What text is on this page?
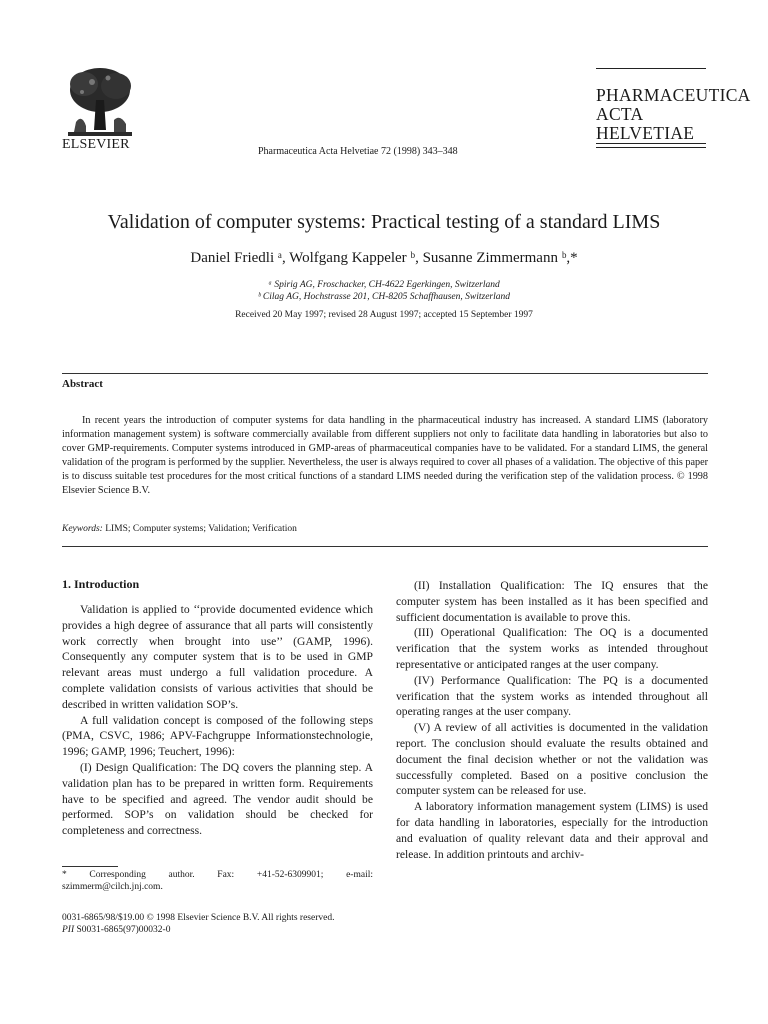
ELSEVIER	Pharmaceutica Acta Helvetiae 72 (1998) 343–348
PHARMACEUTICA
ACTA HELVETIAE
Validation of computer systems: Practical testing of a standard LIMS
Daniel Friedli ᵃ, Wolfgang Kappeler ᵇ, Susanne Zimmermann ᵇ,*
ᵃ Spirig AG, Froschacker, CH-4622 Egerkingen, Switzerland
ᵇ Cilag AG, Hochstrasse 201, CH-8205 Schaffhausen, Switzerland
Received 20 May 1997; revised 28 August 1997; accepted 15 September 1997
Abstract
In recent years the introduction of computer systems for data handling in the pharmaceutical industry has increased. A standard LIMS (laboratory information management system) is software commercially available from different suppliers not only to facilitate data handling in laboratories but also to cover GMP-requirements. Computer systems introduced in GMP-areas of pharmaceutical companies have to be validated. For a standard LIMS, the general validation of the program is performed by the supplier. Nevertheless, the user is always required to cover all phases of a validation. The objective of this paper is to discuss suitable test procedures for the most critical functions of a standard LIMS needed during the verification step of the validation process. © 1998 Elsevier Science B.V.
Keywords: LIMS; Computer systems; Validation; Verification
1. Introduction

Validation is applied to ‘‘provide documented evidence which provides a high degree of assurance that all parts will consistently work correctly when brought into use’’ (GAMP, 1996). Consequently any computer system that is to be used in GMP relevant areas must undergo a full validation procedure. A complete validation consists of various activities that should be described in written validation SOP’s.

A full validation concept is composed of the following steps (PMA, CSVC, 1986; APV-Fachgruppe Informationstechnologie, 1996; GAMP, 1996; Teuchert, 1996):

(I) Design Qualification: The DQ covers the planning step. A validation plan has to be prepared in written form. Requirements have to be specified and agreed. The vendor audit should be performed. SOP’s on validation should be checked for completeness and correctness.

(II) Installation Qualification: The IQ ensures that the computer system has been installed as it has been specified and sufficient documentation is available to prove this.

(III) Operational Qualification: The OQ is a documented verification that the system works as intended throughout representative or anticipated ranges at the user company.

(IV) Performance Qualification: The PQ is a documented verification that the system works as intended throughout all operating ranges at the user company.

(V) A review of all activities is documented in the validation report. The conclusion should evaluate the results obtained and document the final decision whether or not the validation was successfully completed. Based on a positive conclusion the computer system can be released for use.

A laboratory information management system (LIMS) is used for data handling in laboratories, especially for the introduction and evaluation of quality relevant data and their approval and release. In addition printouts and archiv-

* Corresponding author. Fax: +41-52-6309901; e-mail: szimmerm@cilch.jnj.com.
0031-6865/98/$19.00 © 1998 Elsevier Science B.V. All rights reserved.
PII S0031-6865(97)00032-0
